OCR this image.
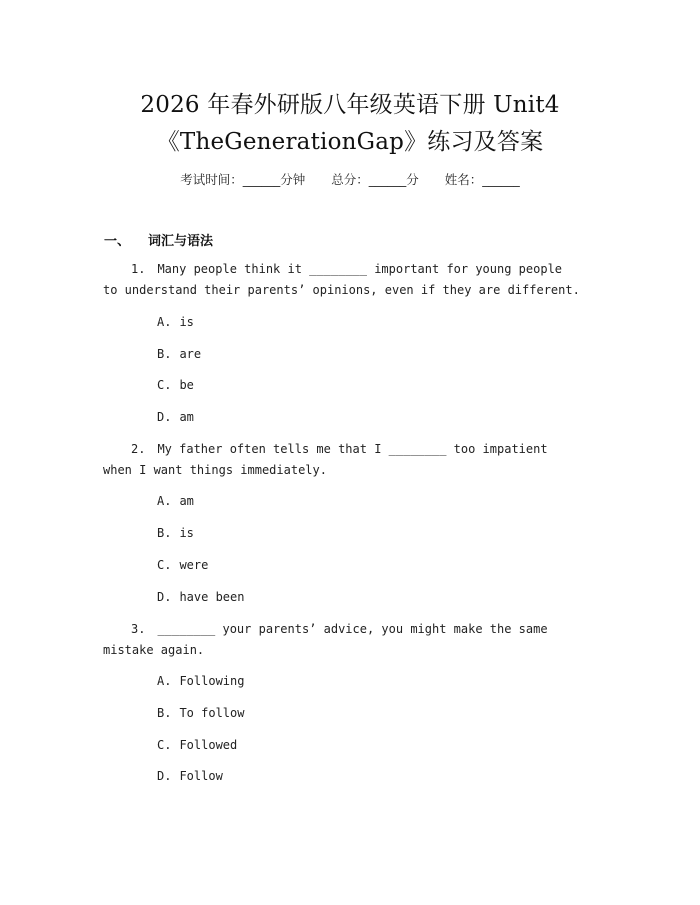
2026 年春外研版八年级英语下册 Unit4
《TheGenerationGap》练习及答案
考试时间：______分钟 总分：______分 姓名：______
一、 词汇与语法
1. Many people think it ________ important for young people to understand their parents’ opinions, even if they are different.
A. is
B. are
C. be
D. am
2. My father often tells me that I ________ too impatient when I want things immediately.
A. am
B. is
C. were
D. have been
3. ________ your parents’ advice, you might make the same mistake again.
A. Following
B. To follow
C. Followed
D. Follow
